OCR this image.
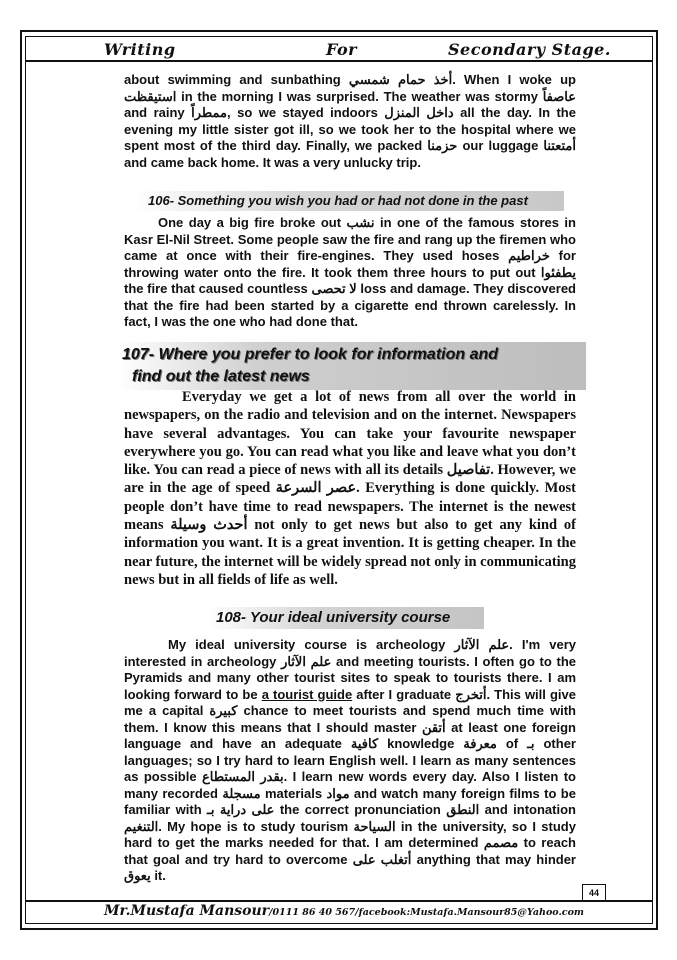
Writing	For	Secondary Stage.

about swimming and sunbathing أخذ حمام شمسي. When I woke up استيقظت in the morning I was surprised. The weather was stormy عاصفاً and rainy ممطراً, so we stayed indoors داخل المنزل all the day. In the evening my little sister got ill, so we took her to the hospital where we spent most of the third day. Finally, we packed حزمنا our luggage أمتعتنا and came back home. It was a very unlucky trip.

106- Something you wish you had or had not done in the past

One day a big fire broke out نشب in one of the famous stores in Kasr El-Nil Street. Some people saw the fire and rang up the firemen who came at once with their fire-engines. They used hoses خراطيم for throwing water onto the fire. It took them three hours to put out يطفئوا the fire that caused countless لا تحصى loss and damage. They discovered that the fire had been started by a cigarette end thrown carelessly. In fact, I was the one who had done that.

107- Where you prefer to look for information and
find out the latest news

Everyday we get a lot of news from all over the world in newspapers, on the radio and television and on the internet. Newspapers have several advantages. You can take your favourite newspaper everywhere you go. You can read what you like and leave what you don’t like. You can read a piece of news with all its details تفاصيل. However, we are in the age of speed عصر السرعة. Everything is done quickly. Most people don’t have time to read newspapers. The internet is the newest means أحدث وسيلة not only to get news but also to get any kind of information you want. It is a great invention. It is getting cheaper. In the near future, the internet will be widely spread not only in communicating news but in all fields of life as well.

108- Your ideal university course

My ideal university course is archeology علم الآثار. I'm very interested in archeology علم الآثار and meeting tourists. I often go to the Pyramids and many other tourist sites to speak to tourists there. I am looking forward to be a tourist guide after I graduate أتخرج. This will give me a capital كبيرة chance to meet tourists and spend much time with them. I know this means that I should master أتقن at least one foreign language and have an adequate كافية knowledge معرفة of بـ other languages; so I try hard to learn English well. I learn as many sentences as possible بقدر المستطاع. I learn new words every day. Also I listen to many recorded مسجلة materials مواد and watch many foreign films to be familiar with على دراية بـ the correct pronunciation النطق and intonation التنغيم. My hope is to study tourism السياحة in the university, so I study hard to get the marks needed for that. I am determined مصمم to reach that goal and try hard to overcome أتغلب على anything that may hinder يعوق it.

44
Mr.Mustafa Mansour/0111 86 40 567/facebook:Mustafa.Mansour85@Yahoo.com
